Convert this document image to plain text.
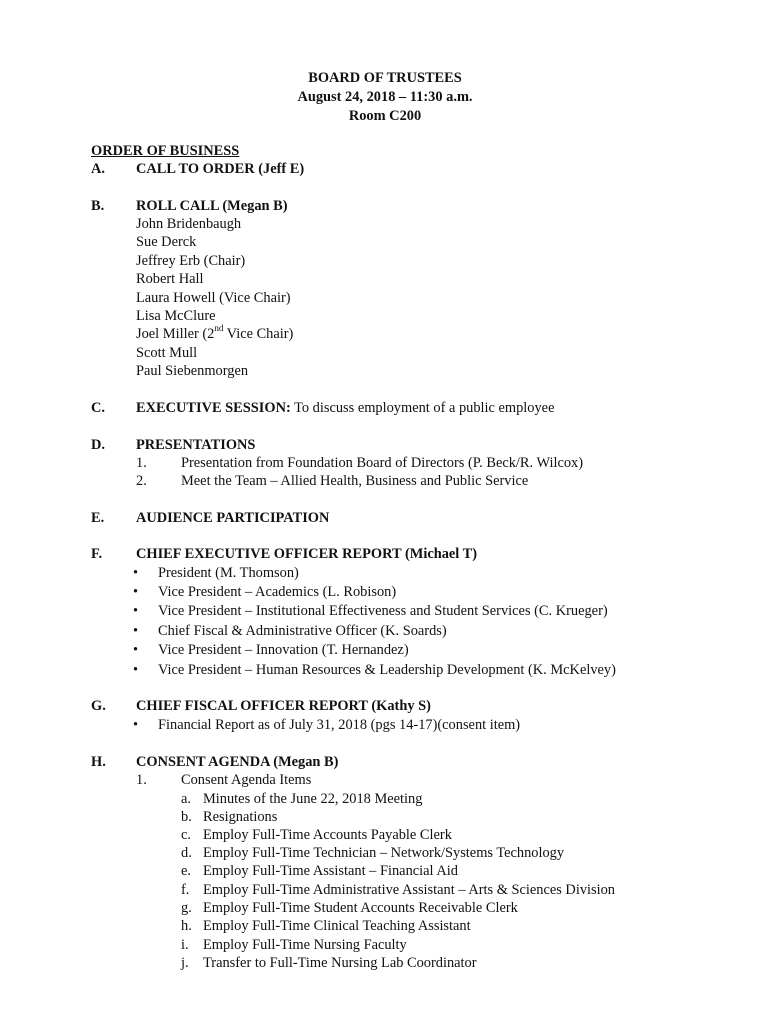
BOARD OF TRUSTEES
August 24, 2018 – 11:30 a.m.
Room C200
ORDER OF BUSINESS
A. CALL TO ORDER (Jeff E)
B. ROLL CALL (Megan B)
John Bridenbaugh
Sue Derck
Jeffrey Erb (Chair)
Robert Hall
Laura Howell (Vice Chair)
Lisa McClure
Joel Miller (2nd Vice Chair)
Scott Mull
Paul Siebenmorgen
C. EXECUTIVE SESSION: To discuss employment of a public employee
D. PRESENTATIONS
1. Presentation from Foundation Board of Directors (P. Beck/R. Wilcox)
2. Meet the Team – Allied Health, Business and Public Service
E. AUDIENCE PARTICIPATION
F. CHIEF EXECUTIVE OFFICER REPORT (Michael T)
• President (M. Thomson)
• Vice President – Academics (L. Robison)
• Vice President – Institutional Effectiveness and Student Services (C. Krueger)
• Chief Fiscal & Administrative Officer (K. Soards)
• Vice President – Innovation (T. Hernandez)
• Vice President – Human Resources & Leadership Development (K. McKelvey)
G. CHIEF FISCAL OFFICER REPORT (Kathy S)
• Financial Report as of July 31, 2018 (pgs 14-17)(consent item)
H. CONSENT AGENDA (Megan B)
1. Consent Agenda Items
a. Minutes of the June 22, 2018 Meeting
b. Resignations
c. Employ Full-Time Accounts Payable Clerk
d. Employ Full-Time Technician – Network/Systems Technology
e. Employ Full-Time Assistant – Financial Aid
f. Employ Full-Time Administrative Assistant – Arts & Sciences Division
g. Employ Full-Time Student Accounts Receivable Clerk
h. Employ Full-Time Clinical Teaching Assistant
i. Employ Full-Time Nursing Faculty
j. Transfer to Full-Time Nursing Lab Coordinator
